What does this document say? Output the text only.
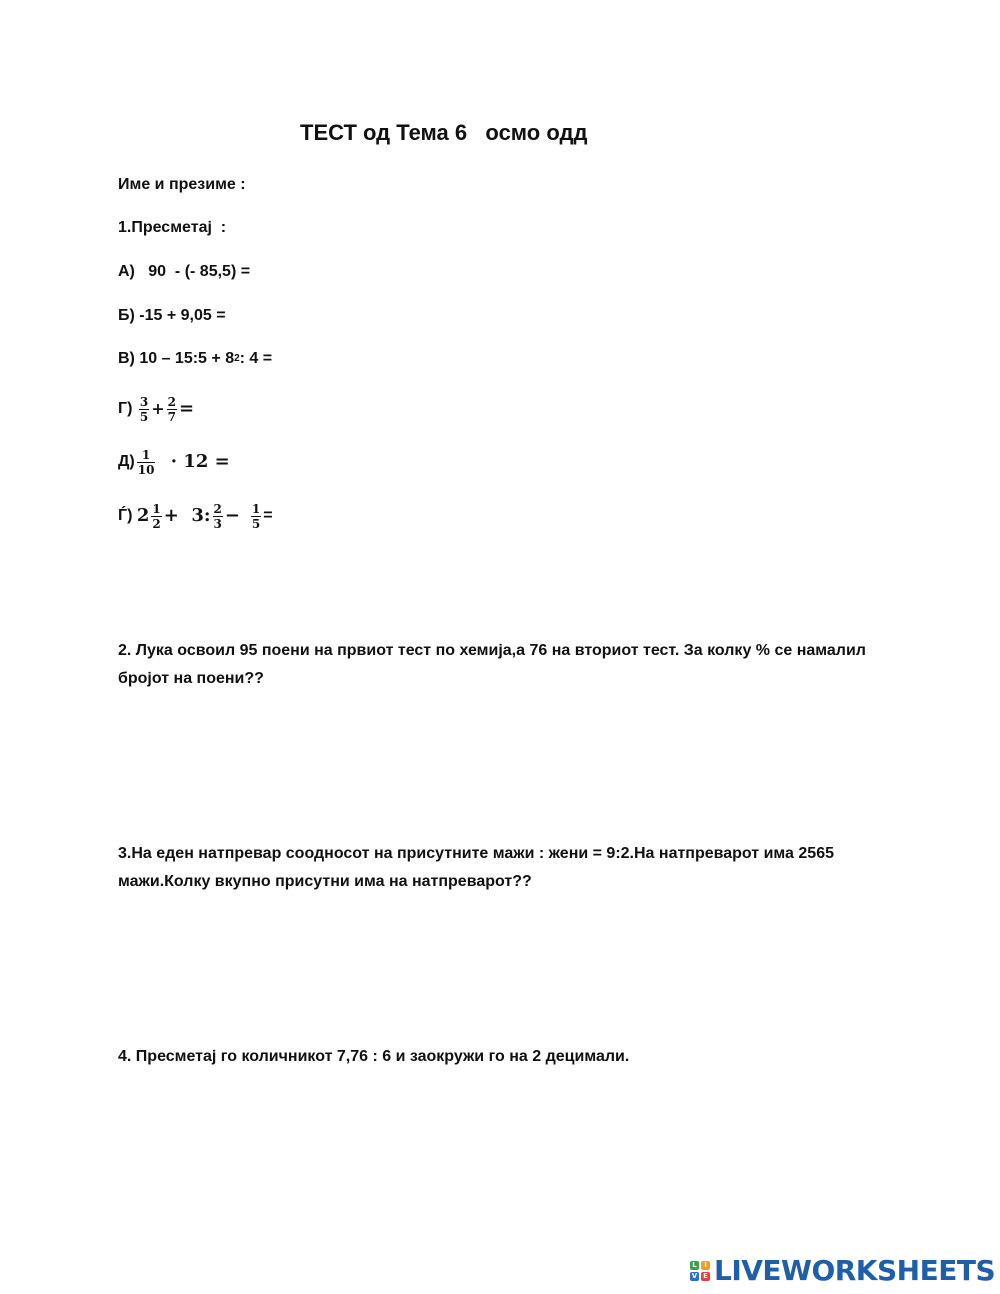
ТЕСТ од Тема 6   осмо одд

Име и презиме :

1.Пресметај  :

А)
90  - (- 85,5) =
Б)
-15 + 9,05 =
В)
10 – 15:5 + 8 2 : 4 =
Г)
$\frac{3}{5} + \frac{2}{7}$ =
$Д) \frac{1}{10}$
· 12 =
Ѓ)
$2 \frac{1}{2} + 3$: $\frac{2}{3}$ −
$\frac{1}{5}$ =

2. Лука освоил 95 поени на првиот тест по хемија,а 76 на вториот тест. За колку % се намалил бројот на поени??

3.На еден натпревар соодносот на присутните мажи : жени = 9:2.На натпреварот има 2565 мажи.Колку вкупно присутни има на натпреварот??

4. Пресметај го количникот 7,76 : 6 и заокружи го на 2 децимали.

L	I
V E LIVEWORKSHEETS
